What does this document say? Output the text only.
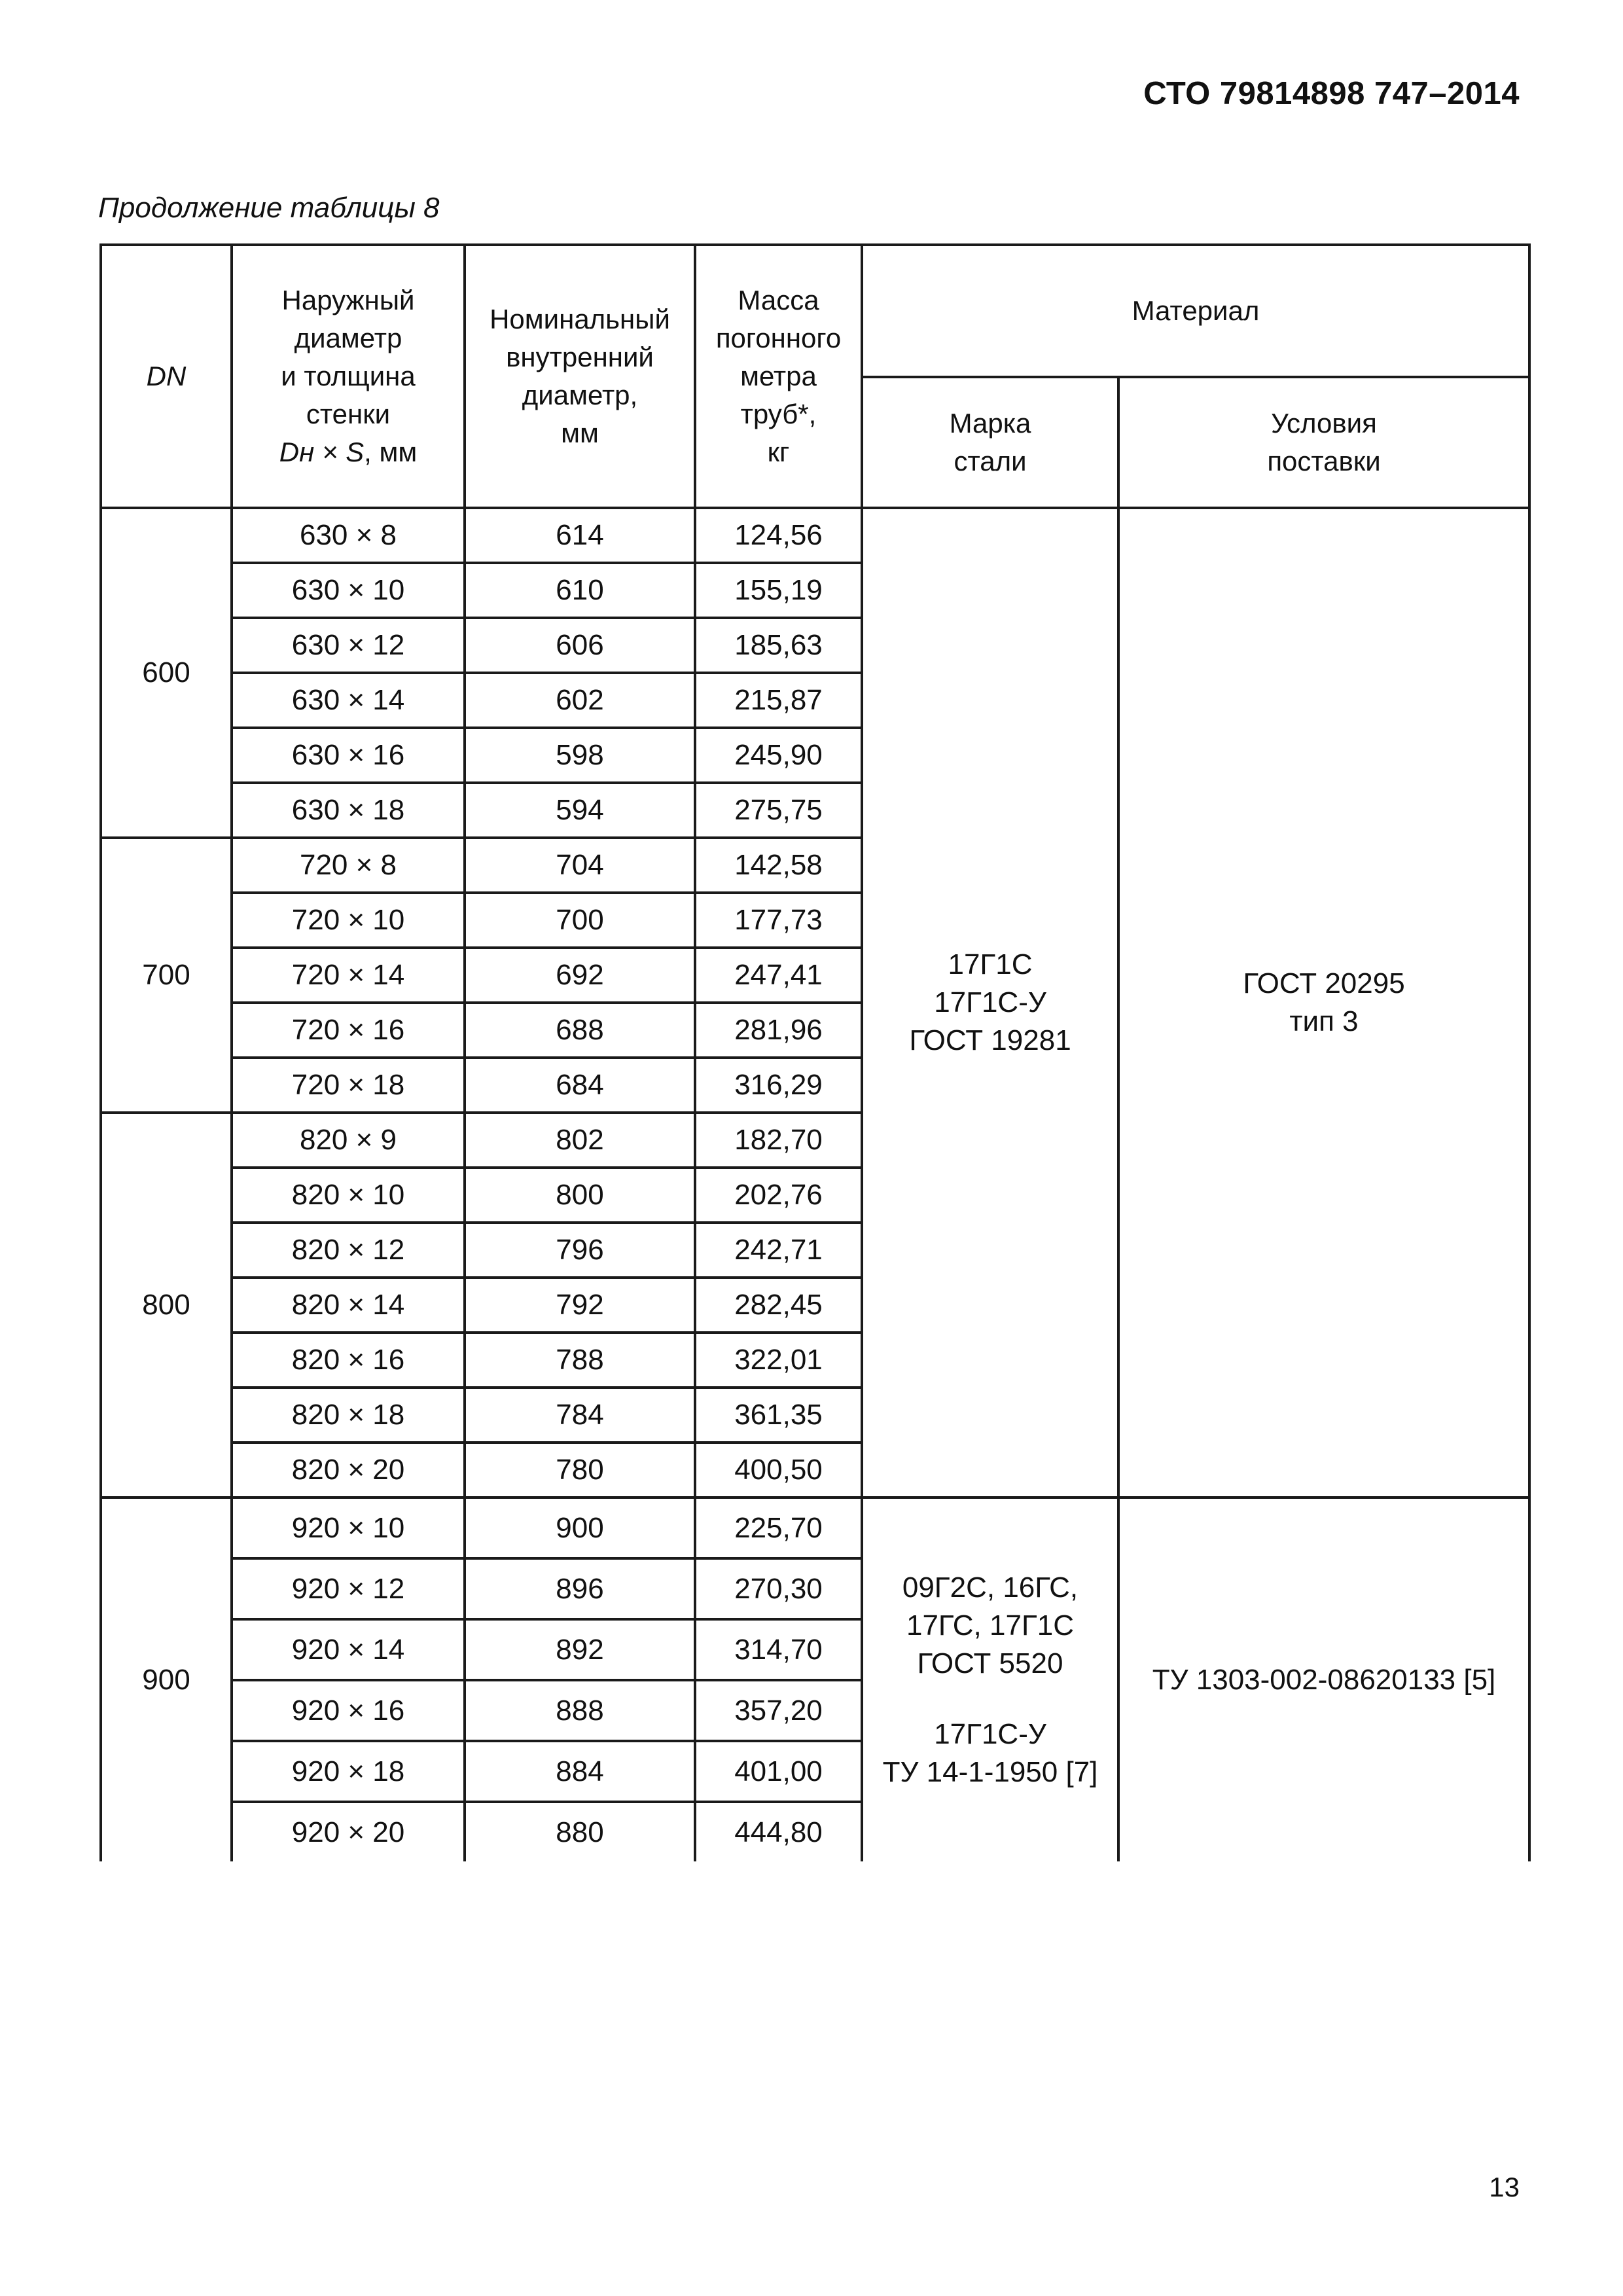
СТО 79814898 747–2014
Продолжение таблицы 8
DN	Наружный
диаметр
и толщина
стенки
Dн × S, мм	Номинальный
внутренний
диаметр,
мм	Масса
погонного
метра
труб*,
кг	Материал	
				Марка
стали	Условия
поставки
600	630 × 8	614	124,56	17Г1С
17Г1С-У
ГОСТ 19281	ГОСТ 20295
тип 3
	630 × 10	610	155,19		
	630 × 12	606	185,63		
	630 × 14	602	215,87		
	630 × 16	598	245,90		
	630 × 18	594	275,75		
700	720 × 8	704	142,58		
	720 × 10	700	177,73		
	720 × 14	692	247,41		
	720 × 16	688	281,96		
	720 × 18	684	316,29		
800	820 × 9	802	182,70		
	820 × 10	800	202,76		
	820 × 12	796	242,71		
	820 × 14	792	282,45		
	820 × 16	788	322,01		
	820 × 18	784	361,35		
	820 × 20	780	400,50		
900	920 × 10	900	225,70	09Г2С, 16ГС,
17ГС, 17Г1С
ГОСТ 5520

17Г1С-У
ТУ 14-1-1950 [7]	ТУ 1303-002-08620133 [5]
	920 × 12	896	270,30		
	920 × 14	892	314,70		
	920 × 16	888	357,20		
	920 × 18	884	401,00		
	920 × 20	880	444,80		
13
